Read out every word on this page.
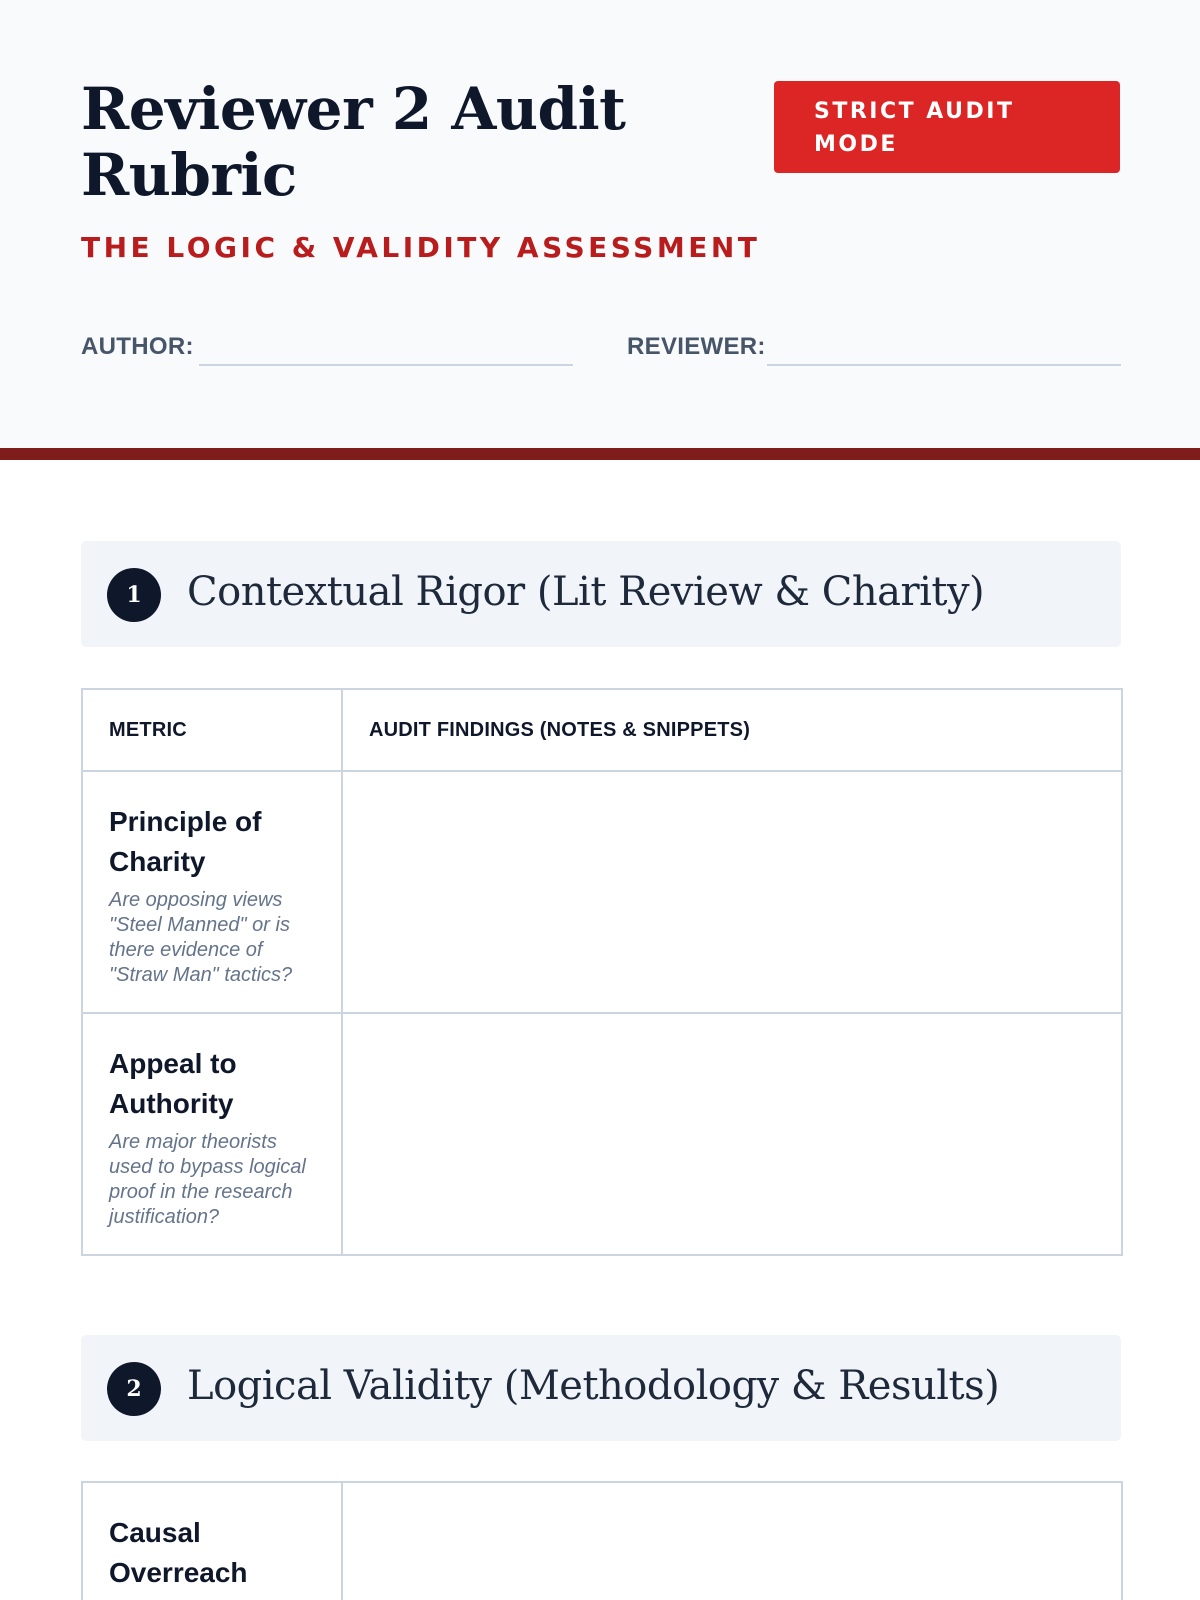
Reviewer 2 Audit Rubric
STRICT AUDIT MODE
THE LOGIC & VALIDITY ASSESSMENT
AUTHOR:	REVIEWER:
1	Contextual Rigor (Lit Review & Charity)
METRIC	AUDIT FINDINGS (NOTES & SNIPPETS)

Principle of Charity
Are opposing views "Steel Manned" or is there evidence of "Straw Man" tactics?	

Appeal to Authority
Are major theorists used to bypass logical proof in the research justification?	

2	Logical Validity (Methodology & Results)
Causal Overreach
